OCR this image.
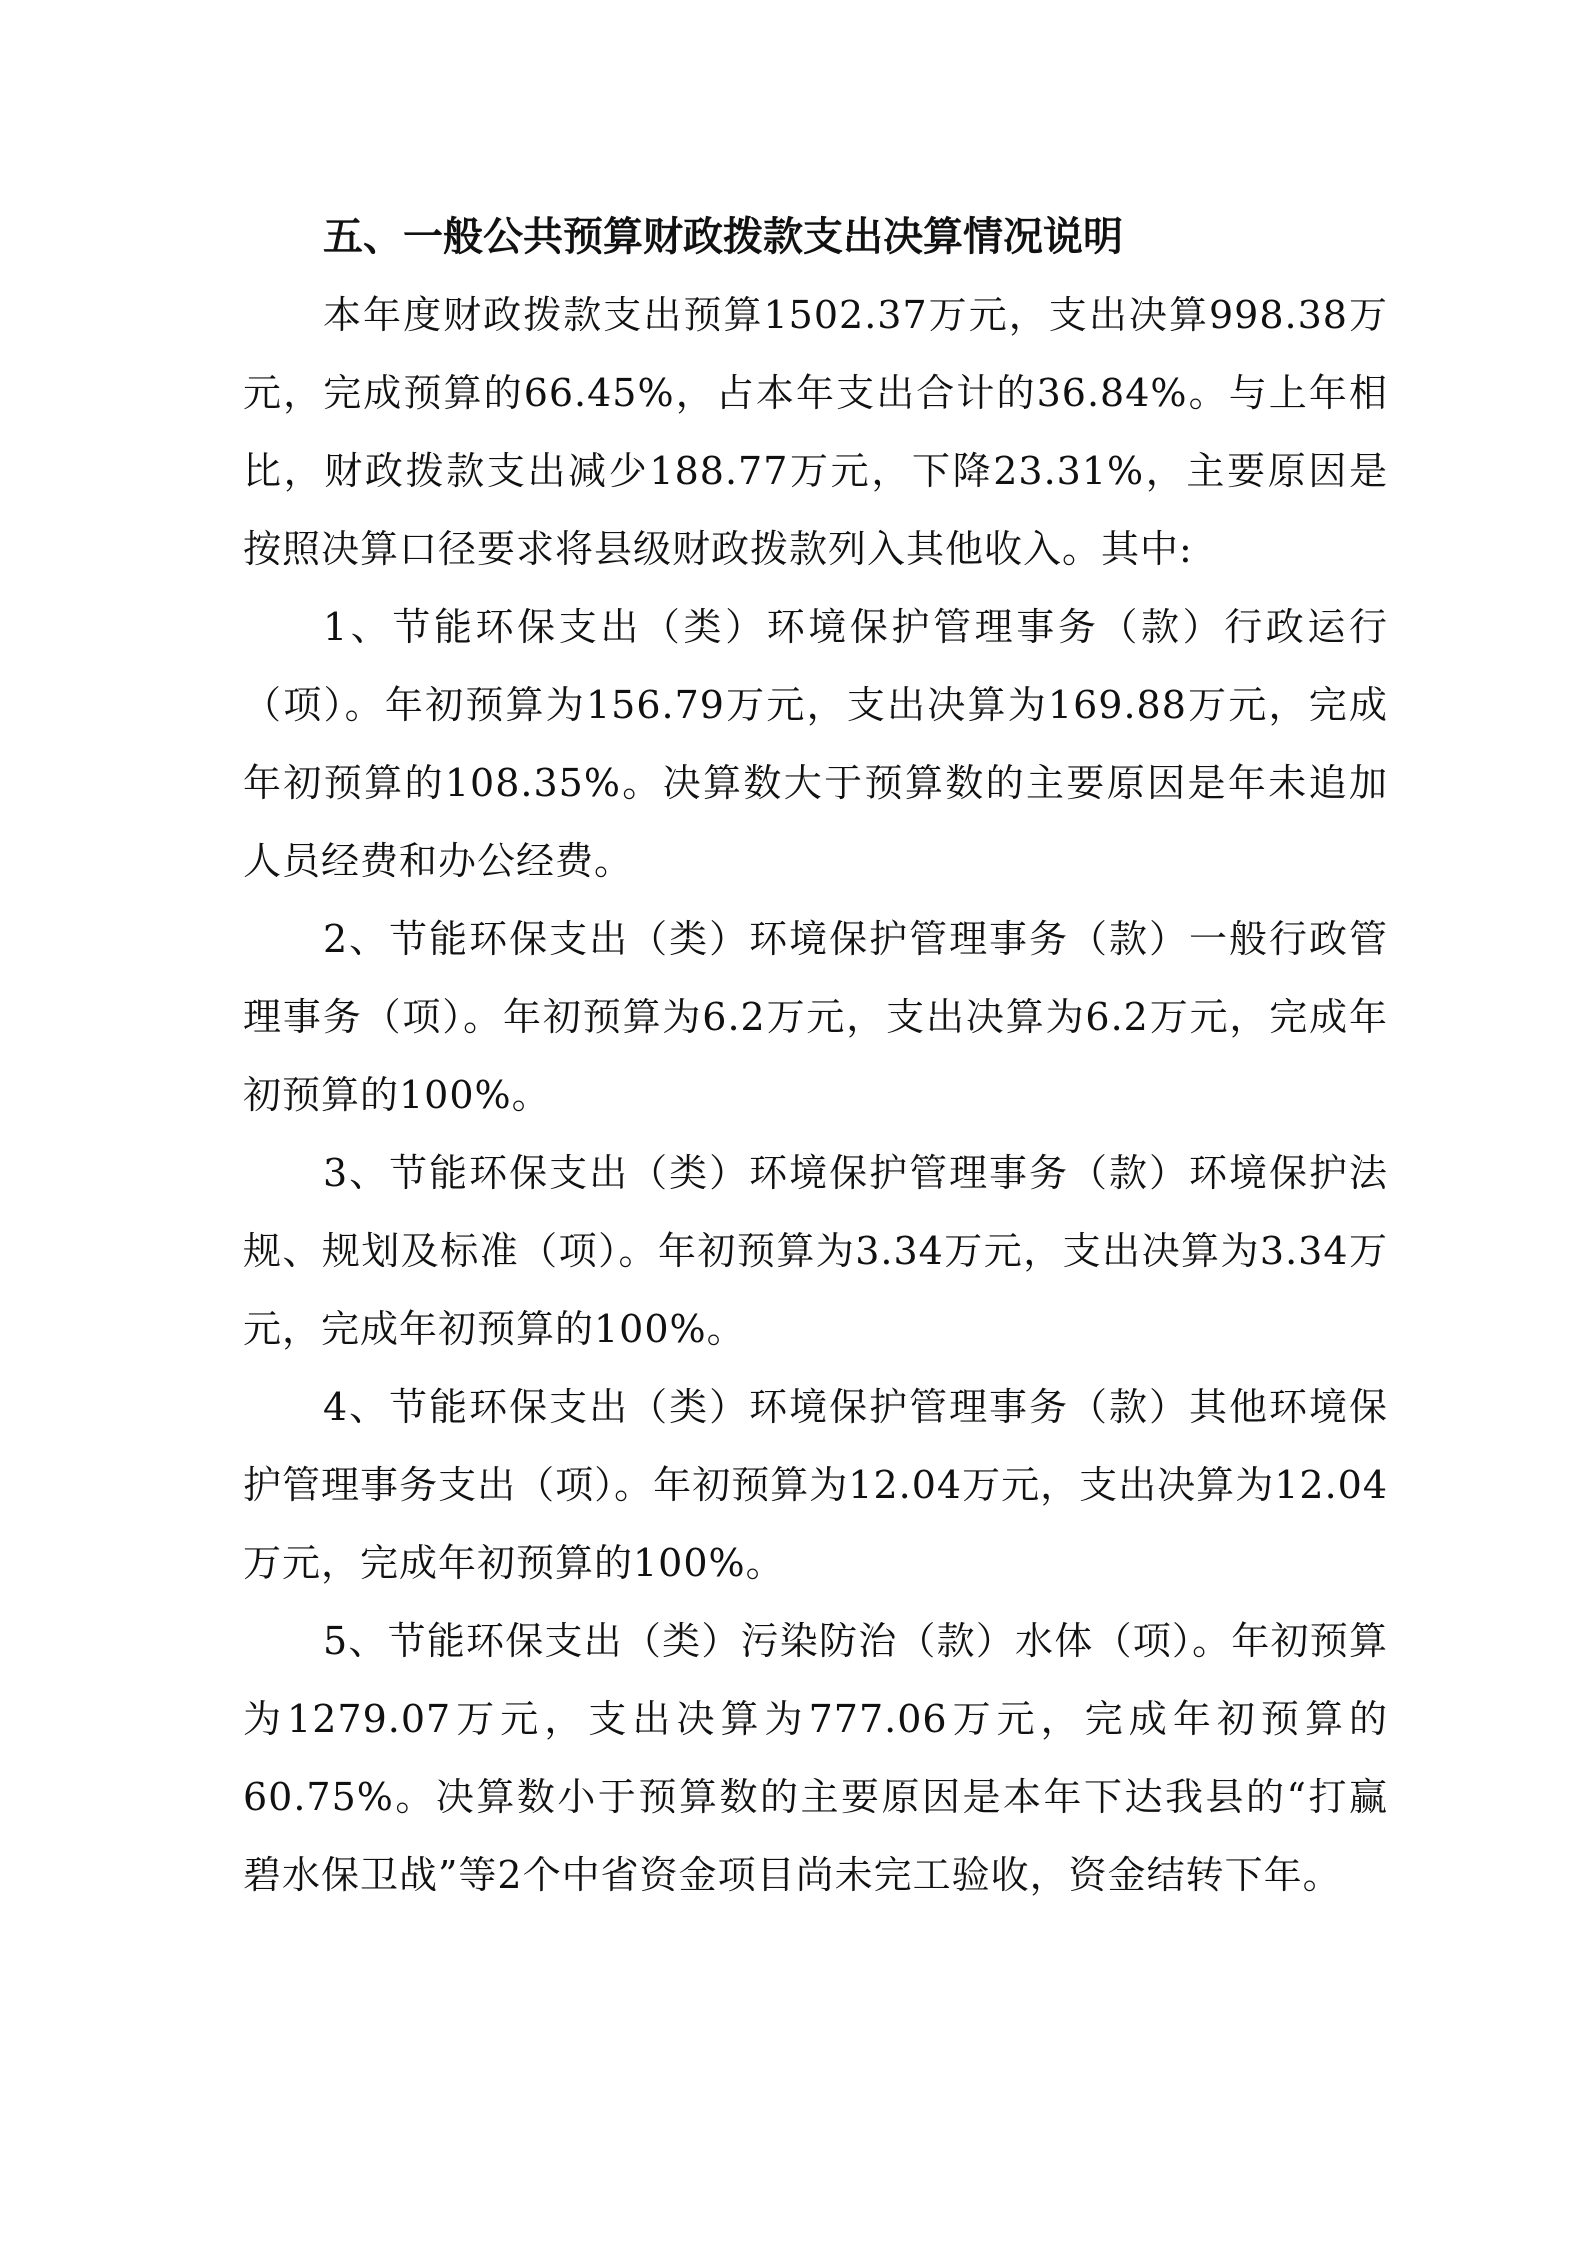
五、一般公共预算财政拨款支出决算情况说明

本年度财政拨款支出预算1502.37万元，支出决算998.38万元，完成预算的66.45%，占本年支出合计的36.84%。与上年相比，财政拨款支出减少188.77万元，下降23.31%，主要原因是按照决算口径要求将县级财政拨款列入其他收入。其中:

1、节能环保支出（类）环境保护管理事务（款）行政运行（项）。年初预算为156.79万元，支出决算为169.88万元，完成年初预算的108.35%。决算数大于预算数的主要原因是年未追加人员经费和办公经费。

2、节能环保支出（类）环境保护管理事务（款）一般行政管理事务（项）。年初预算为6.2万元，支出决算为6.2万元，完成年初预算的100%。

3、节能环保支出（类）环境保护管理事务（款）环境保护法规、规划及标准（项）。年初预算为3.34万元，支出决算为3.34万元，完成年初预算的100%。

4、节能环保支出（类）环境保护管理事务（款）其他环境保护管理事务支出（项）。年初预算为12.04万元，支出决算为12.04万元，完成年初预算的100%。

5、节能环保支出（类）污染防治（款）水体（项）。年初预算为1279.07万元，支出决算为777.06万元，完成年初预算的60.75%。决算数小于预算数的主要原因是本年下达我县的“打赢碧水保卫战”等2个中省资金项目尚未完工验收，资金结转下年。
